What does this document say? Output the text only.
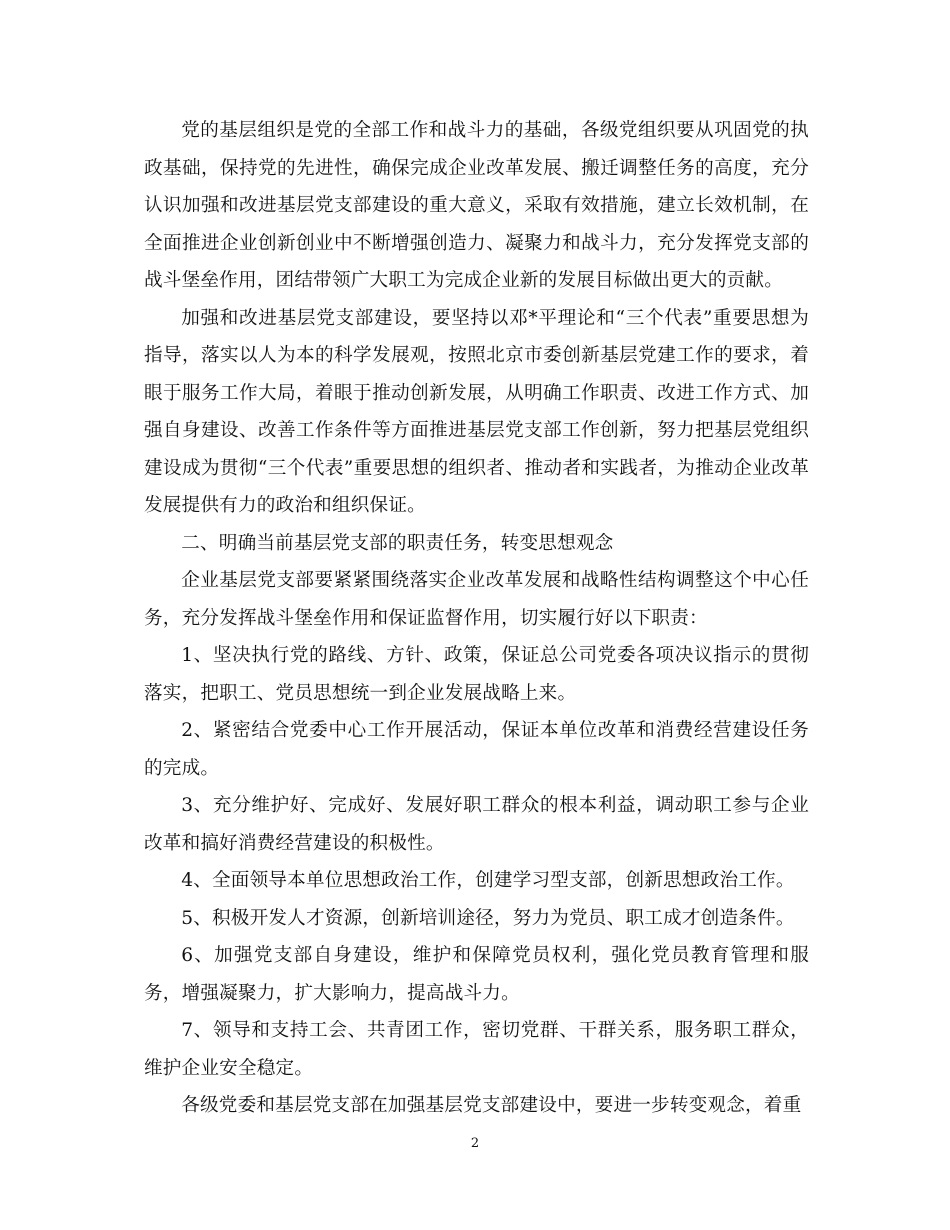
党的基层组织是党的全部工作和战斗力的基础，各级党组织要从巩固党的执政基础，保持党的先进性，确保完成企业改革发展、搬迁调整任务的高度，充分认识加强和改进基层党支部建设的重大意义，采取有效措施，建立长效机制，在全面推进企业创新创业中不断增强创造力、凝聚力和战斗力，充分发挥党支部的战斗堡垒作用，团结带领广大职工为完成企业新的发展目标做出更大的贡献。

加强和改进基层党支部建设，要坚持以邓*平理论和“三个代表”重要思想为指导，落实以人为本的科学发展观，按照北京市委创新基层党建工作的要求，着眼于服务工作大局，着眼于推动创新发展，从明确工作职责、改进工作方式、加强自身建设、改善工作条件等方面推进基层党支部工作创新，努力把基层党组织建设成为贯彻“三个代表”重要思想的组织者、推动者和实践者，为推动企业改革发展提供有力的政治和组织保证。

二、明确当前基层党支部的职责任务，转变思想观念

企业基层党支部要紧紧围绕落实企业改革发展和战略性结构调整这个中心任务，充分发挥战斗堡垒作用和保证监督作用，切实履行好以下职责：

1、坚决执行党的路线、方针、政策，保证总公司党委各项决议指示的贯彻落实，把职工、党员思想统一到企业发展战略上来。

2、紧密结合党委中心工作开展活动，保证本单位改革和消费经营建设任务的完成。

3、充分维护好、完成好、发展好职工群众的根本利益，调动职工参与企业改革和搞好消费经营建设的积极性。

4、全面领导本单位思想政治工作，创建学习型支部，创新思想政治工作。

5、积极开发人才资源，创新培训途径，努力为党员、职工成才创造条件。

6、加强党支部自身建设，维护和保障党员权利，强化党员教育管理和服务，增强凝聚力，扩大影响力，提高战斗力。

7、领导和支持工会、共青团工作，密切党群、干群关系，服务职工群众，维护企业安全稳定。

各级党委和基层党支部在加强基层党支部建设中，要进一步转变观念，着重

2
